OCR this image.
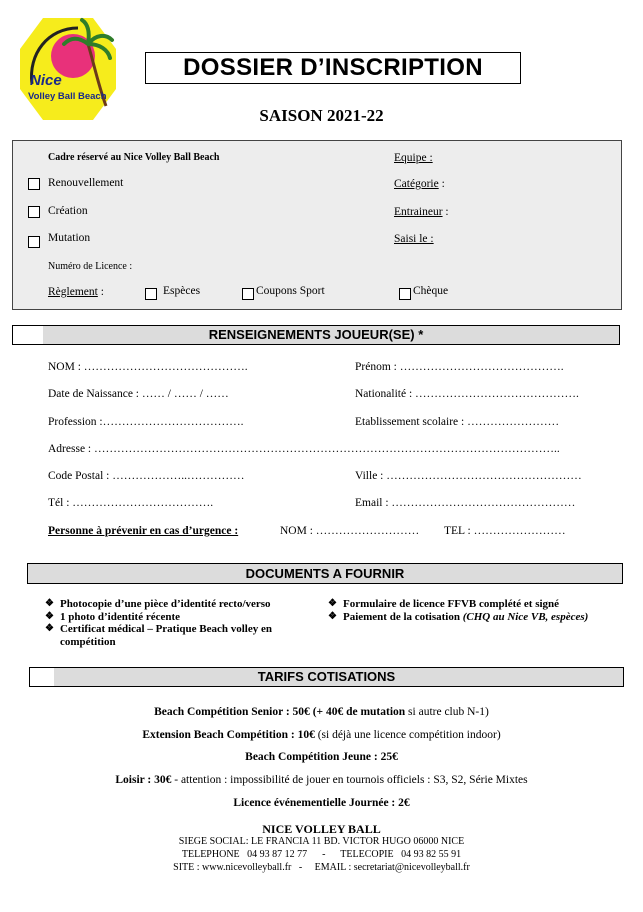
Nice
Volley Ball Beach
DOSSIER D’INSCRIPTION
SAISON 2021-22
Cadre réservé au Nice Volley Ball Beach
Renouvellement
Création
Mutation
Numéro de Licence :
Règlement :	Espèces	Coupons Sport	Chèque
Equipe :
Catégorie :
Entraineur :
Saisi le :
RENSEIGNEMENTS JOUEUR(SE) *
NOM : …………………………………….	Prénom : …………………………………….
Date de Naissance : …… / …… / ……	Nationalité : …………………………………….
Profession :……………………………….	Etablissement scolaire : ……………………
Adresse : …………………………………………………………………………………………………………..
Code Postal : ………………..……………	Ville : ……………………………………………
Tél : ……………………………….	Email : …………………………………………
Personne à prévenir en cas d’urgence :	NOM : ……………………… TEL : ……………………
DOCUMENTS A FOURNIR
❖ Photocopie d’une pièce d’identité recto/verso
❖ 1 photo d’identité récente
❖ Certificat médical – Pratique Beach volley en compétition
❖ Formulaire de licence FFVB complété et signé
❖ Paiement de la cotisation
(CHQ au Nice VB, espèces)
TARIFS COTISATIONS
Beach Compétition Senior : 50€ (+ 40€ de mutation si autre club N-1)
Extension Beach Compétition : 10€ (si déjà une licence compétition indoor)
Beach Compétition Jeune : 25€
Loisir : 30€ - attention : impossibilité de jouer en tournois officiels : S3, S2, Série Mixtes
Licence événementielle Journée : 2€
NICE VOLLEY BALL
SIEGE SOCIAL: LE FRANCIA 11 BD. VICTOR HUGO 06000 NICE
TELEPHONE   04 93 87 12 77      -      TELECOPIE   04 93 82 55 91
SITE : www.nicevolleyball.fr   -     EMAIL : secretariat@nicevolleyball.fr
